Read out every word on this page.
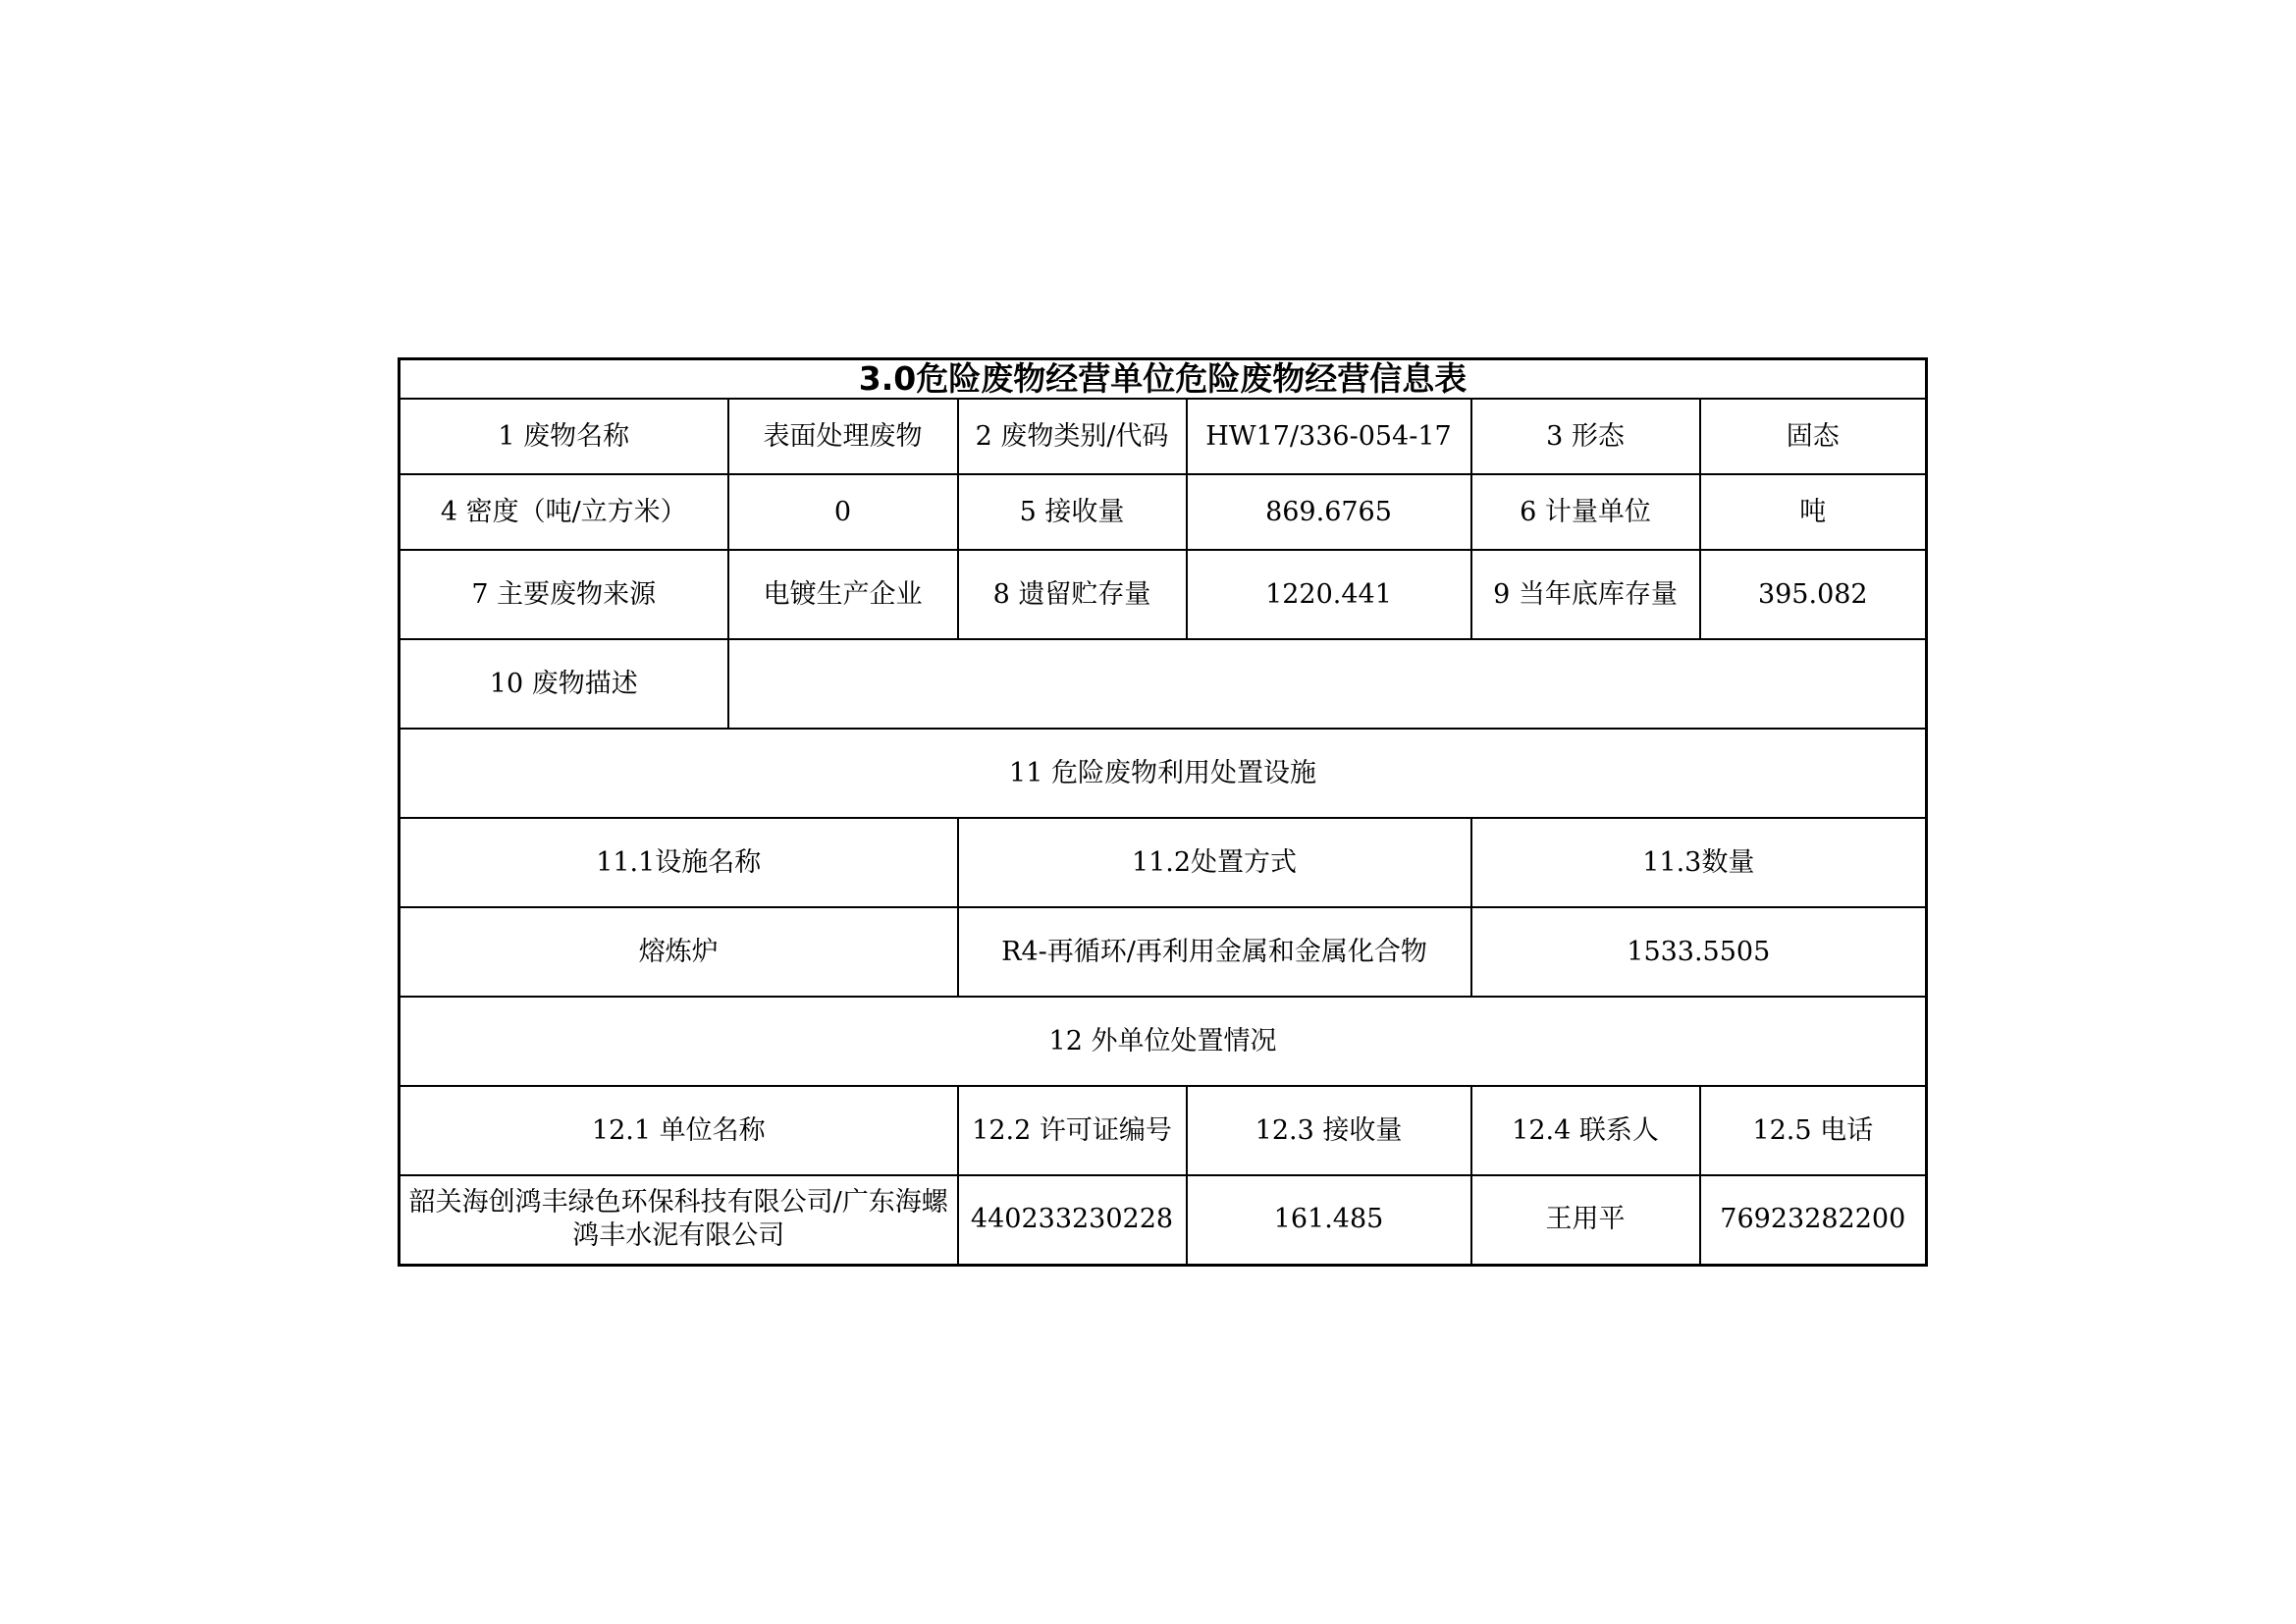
3.0危险废物经营单位危险废物经营信息表					
1 废物名称	表面处理废物	2 废物类别/代码	HW17/336-054-17	3 形态	固态
4 密度（吨/立方米）	0	5 接收量	869.6765	6 计量单位	吨
7 主要废物来源	电镀生产企业	8 遗留贮存量	1220.441	9 当年底库存量	395.082
10 废物描述					
11 危险废物利用处置设施					
11.1设施名称		11.2处置方式		11.3数量	
熔炼炉		R4-再循环/再利用金属和金属化合物		1533.5505	
12 外单位处置情况					
12.1 单位名称		12.2 许可证编号	12.3 接收量	12.4 联系人	12.5 电话
韶关海创鸿丰绿色环保科技有限公司/广东海螺鸿丰水泥有限公司		440233230228	161.485	王用平	76923282200
